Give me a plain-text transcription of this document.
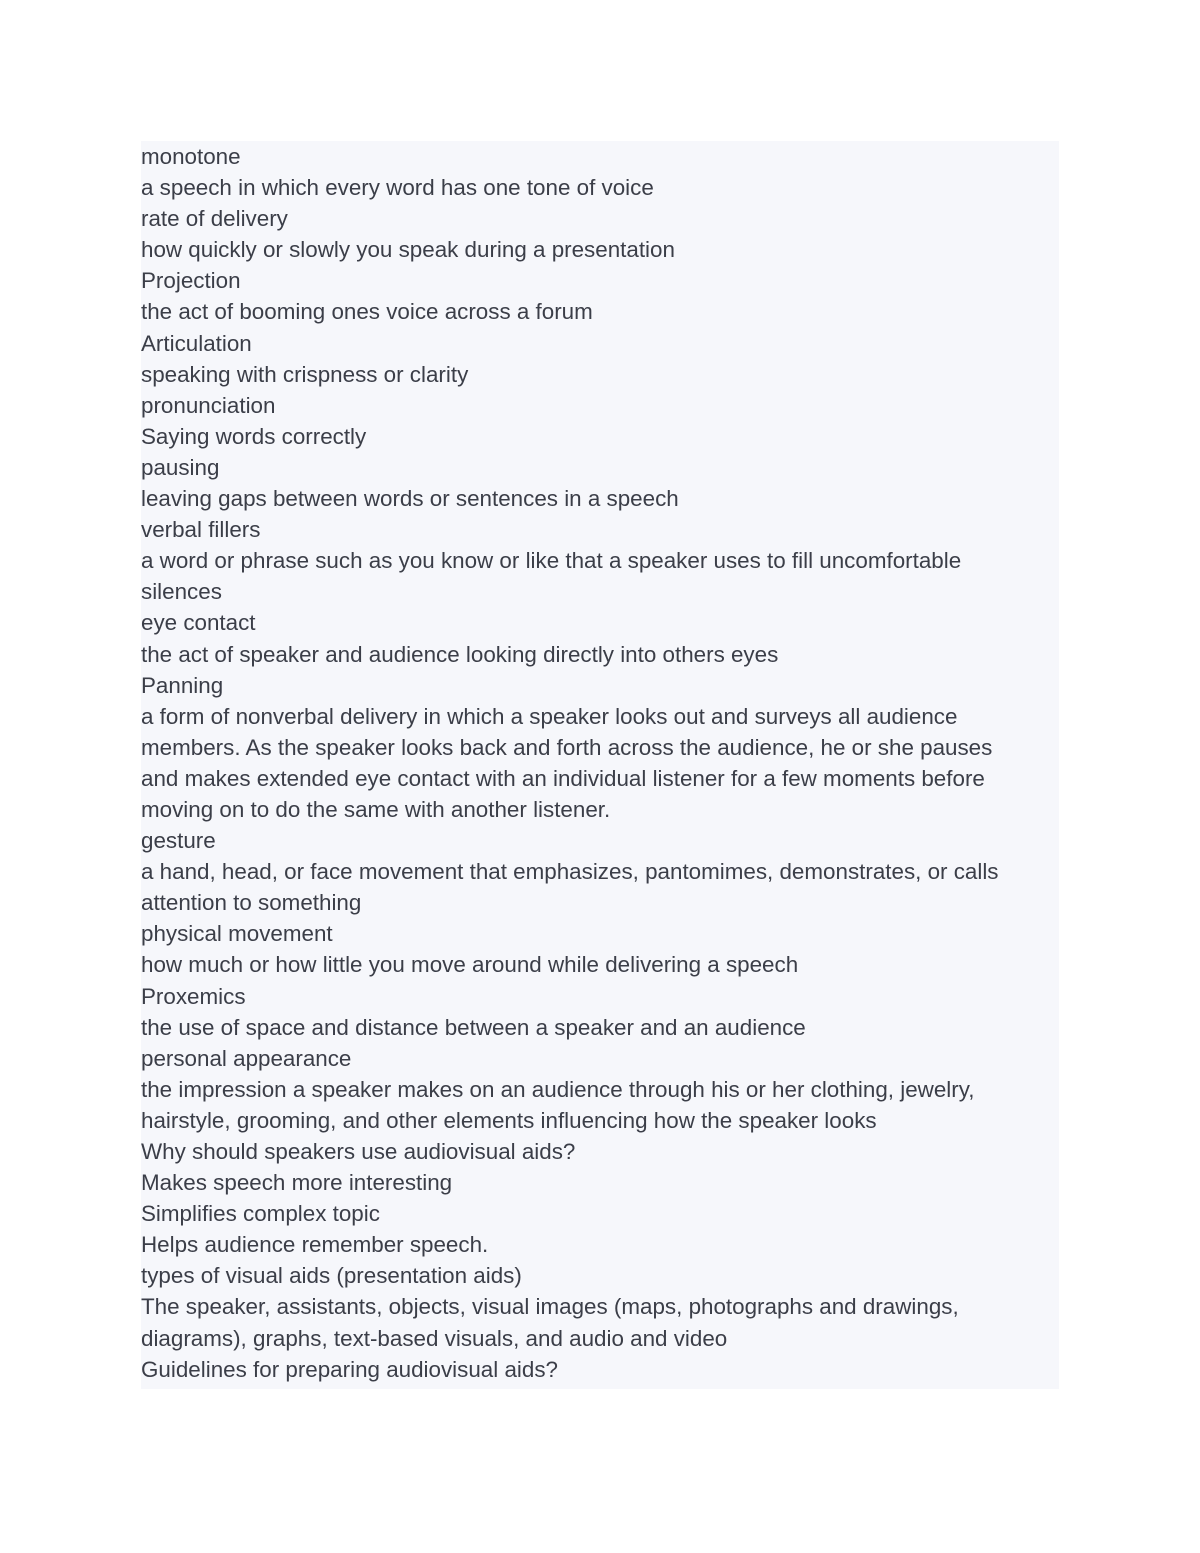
monotone

a speech in which every word has one tone of voice

rate of delivery

how quickly or slowly you speak during a presentation

Projection

the act of booming ones voice across a forum

Articulation

speaking with crispness or clarity

pronunciation

Saying words correctly

pausing

leaving gaps between words or sentences in a speech

verbal fillers

a word or phrase such as you know or like that a speaker uses to fill uncomfortable

silences

eye contact

the act of speaker and audience looking directly into others eyes

Panning

a form of nonverbal delivery in which a speaker looks out and surveys all audience

members. As the speaker looks back and forth across the audience, he or she pauses

and makes extended eye contact with an individual listener for a few moments before

moving on to do the same with another listener.

gesture

a hand, head, or face movement that emphasizes, pantomimes, demonstrates, or calls

attention to something

physical movement

how much or how little you move around while delivering a speech

Proxemics

the use of space and distance between a speaker and an audience

personal appearance

the impression a speaker makes on an audience through his or her clothing, jewelry,

hairstyle, grooming, and other elements influencing how the speaker looks

Why should speakers use audiovisual aids?

Makes speech more interesting

Simplifies complex topic

Helps audience remember speech.

types of visual aids (presentation aids)

The speaker, assistants, objects, visual images (maps, photographs and drawings,

diagrams), graphs, text-based visuals, and audio and video

Guidelines for preparing audiovisual aids?
